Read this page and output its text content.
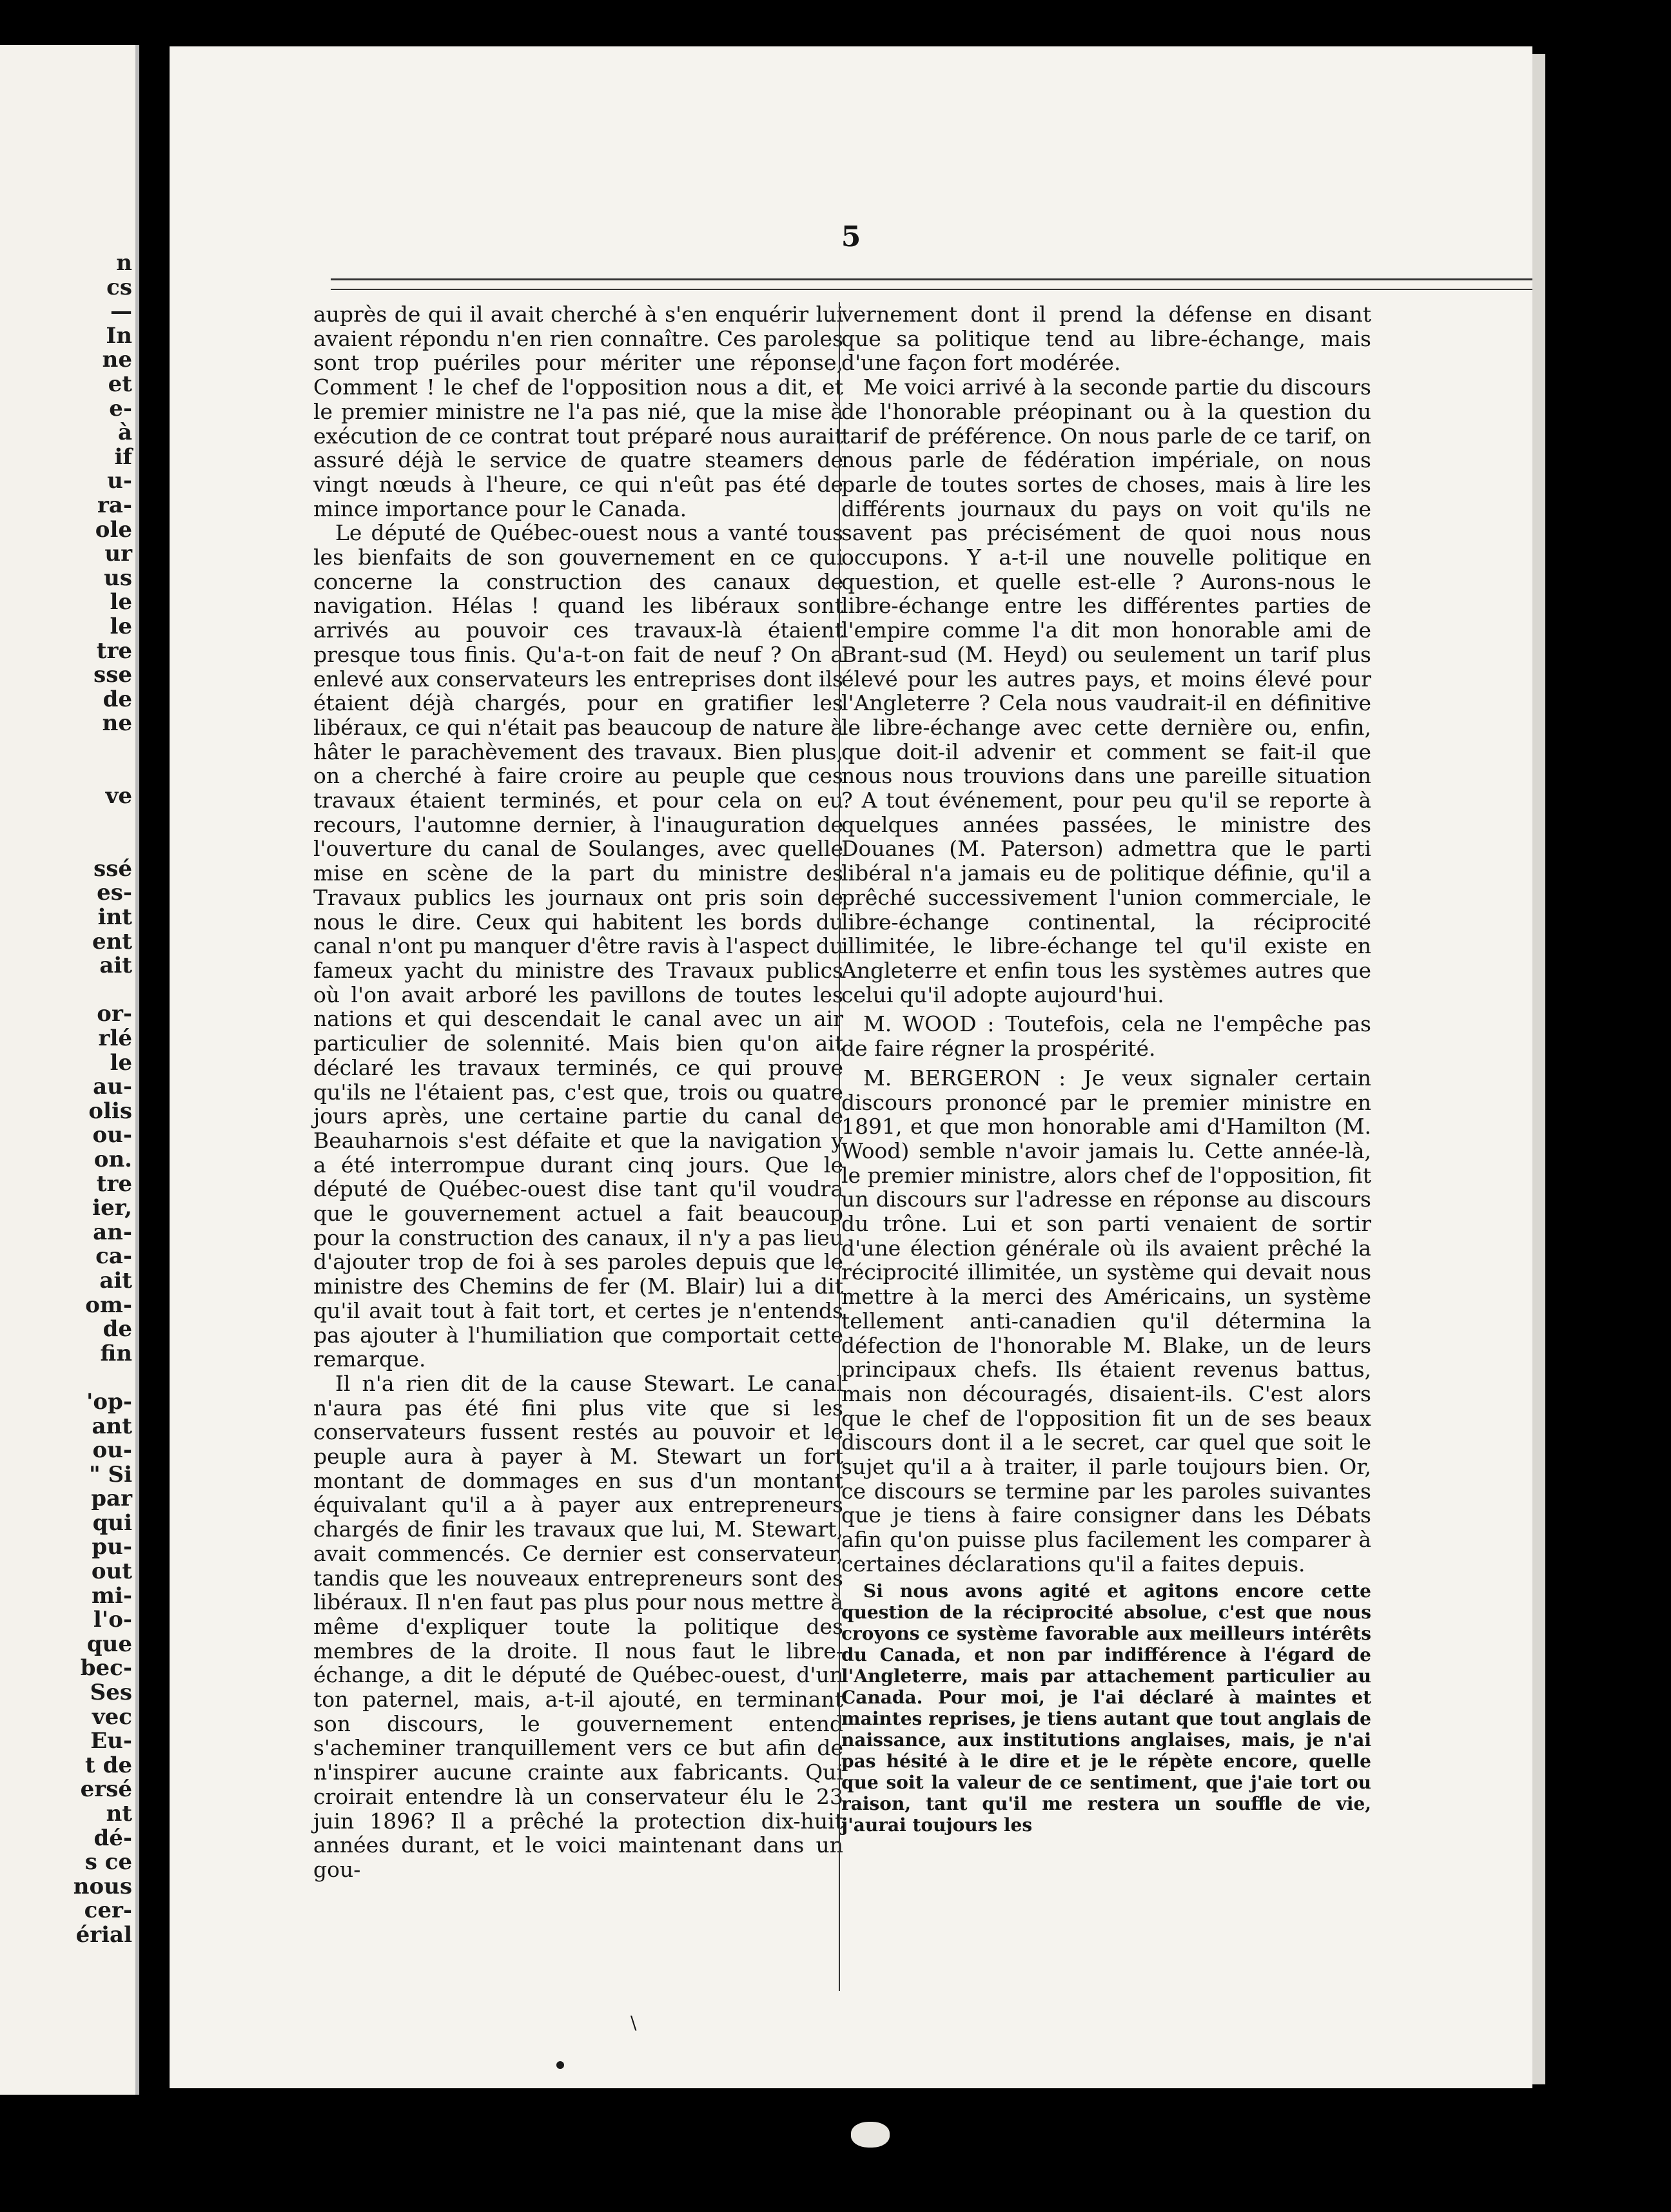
n
cs
—
In
ne
et
e-
à
if
u-
ra-
ole
ur
us
le
le
tre
sse
de
ne

ve

ssé
es-
int
ent
ait

or-
rlé
le
au-
olis
ou-
on.
tre
ier,
an-
ca-
ait
om-
de
fin

'op-
ant
ou-
" Si
par
qui
pu-
out
mi-
l'o-
que
bec-
Ses
vec
Eu-
t de
ersé
nt
dé-
s ce
nous
cer-
érial
5

auprès de qui il avait cherché à s'en enquérir lui avaient répondu n'en rien connaître. Ces paroles sont trop puériles pour mériter une réponse, Comment ! le chef de l'opposition nous a dit, et le premier ministre ne l'a pas nié, que la mise à exécution de ce contrat tout préparé nous aurait assuré déjà le service de quatre steamers de vingt nœuds à l'heure, ce qui n'eût pas été de mince importance pour le Canada.

Le député de Québec-ouest nous a vanté tous les bienfaits de son gouvernement en ce qui concerne la construction des canaux de navigation. Hélas ! quand les libéraux sont arrivés au pouvoir ces travaux-là étaient presque tous finis. Qu'a-t-on fait de neuf ? On a enlevé aux conservateurs les entreprises dont ils étaient déjà chargés, pour en gratifier les libéraux, ce qui n'était pas beaucoup de nature à hâter le parachèvement des travaux. Bien plus, on a cherché à faire croire au peuple que ces travaux étaient terminés, et pour cela on eu recours, l'automne dernier, à l'inauguration de l'ouverture du canal de Soulanges, avec quelle mise en scène de la part du ministre des Travaux publics les journaux ont pris soin de nous le dire. Ceux qui habitent les bords du canal n'ont pu manquer d'être ravis à l'aspect du fameux yacht du ministre des Travaux publics où l'on avait arboré les pavillons de toutes les nations et qui descendait le canal avec un air particulier de solennité. Mais bien qu'on ait déclaré les travaux terminés, ce qui prouve qu'ils ne l'étaient pas, c'est que, trois ou quatre jours après, une certaine partie du canal de Beauharnois s'est défaite et que la navigation y a été interrompue durant cinq jours. Que le député de Québec-ouest dise tant qu'il voudra que le gouvernement actuel a fait beaucoup pour la construction des canaux, il n'y a pas lieu d'ajouter trop de foi à ses paroles depuis que le ministre des Chemins de fer (M. Blair) lui a dit qu'il avait tout à fait tort, et certes je n'entends pas ajouter à l'humiliation que comportait cette remarque.

Il n'a rien dit de la cause Stewart. Le canal n'aura pas été fini plus vite que si les conservateurs fussent restés au pouvoir et le peuple aura à payer à M. Stewart un fort montant de dommages en sus d'un montant équivalant qu'il a à payer aux entrepreneurs chargés de finir les travaux que lui, M. Stewart, avait commencés. Ce dernier est conservateur, tandis que les nouveaux entrepreneurs sont des libéraux. Il n'en faut pas plus pour nous mettre à même d'expliquer toute la politique des membres de la droite. Il nous faut le libre-échange, a dit le député de Québec-ouest, d'un ton paternel, mais, a-t-il ajouté, en terminant son discours, le gouvernement entend s'acheminer tranquillement vers ce but afin de n'inspirer aucune crainte aux fabricants. Qui croirait entendre là un conservateur élu le 23 juin 1896? Il a prêché la protection dix-huit années durant, et le voici maintenant dans un gou-

vernement dont il prend la défense en disant que sa politique tend au libre-échange, mais d'une façon fort modérée.

Me voici arrivé à la seconde partie du discours de l'honorable préopinant ou à la question du tarif de préférence. On nous parle de ce tarif, on nous parle de fédération impériale, on nous parle de toutes sortes de choses, mais à lire les différents journaux du pays on voit qu'ils ne savent pas précisément de quoi nous nous occupons. Y a-t-il une nouvelle politique en question, et quelle est-elle ? Aurons-nous le libre-échange entre les différentes parties de l'empire comme l'a dit mon honorable ami de Brant-sud (M. Heyd) ou seulement un tarif plus élevé pour les autres pays, et moins élevé pour l'Angleterre ? Cela nous vaudrait-il en définitive le libre-échange avec cette dernière ou, enfin, que doit-il advenir et comment se fait-il que nous nous trouvions dans une pareille situation ? A tout événement, pour peu qu'il se reporte à quelques années passées, le ministre des Douanes (M. Paterson) admettra que le parti libéral n'a jamais eu de politique définie, qu'il a prêché successivement l'union commerciale, le libre-échange continental, la réciprocité illimitée, le libre-échange tel qu'il existe en Angleterre et enfin tous les systèmes autres que celui qu'il adopte aujourd'hui.

M. WOOD : Toutefois, cela ne l'empêche pas de faire régner la prospérité.

M. BERGERON : Je veux signaler certain discours prononcé par le premier ministre en 1891, et que mon honorable ami d'Hamilton (M. Wood) semble n'avoir jamais lu. Cette année-là, le premier ministre, alors chef de l'opposition, fit un discours sur l'adresse en réponse au discours du trône. Lui et son parti venaient de sortir d'une élection générale où ils avaient prêché la réciprocité illimitée, un système qui devait nous mettre à la merci des Américains, un système tellement anti-canadien qu'il détermina la défection de l'honorable M. Blake, un de leurs principaux chefs. Ils étaient revenus battus, mais non découragés, disaient-ils. C'est alors que le chef de l'opposition fit un de ses beaux discours dont il a le secret, car quel que soit le sujet qu'il a à traiter, il parle toujours bien. Or, ce discours se termine par les paroles suivantes que je tiens à faire consigner dans les Débats afin qu'on puisse plus facilement les comparer à certaines déclarations qu'il a faites depuis.

Si nous avons agité et agitons encore cette question de la réciprocité absolue, c'est que nous croyons ce système favorable aux meilleurs intérêts du Canada, et non par indifférence à l'égard de l'Angleterre, mais par attachement particulier au Canada. Pour moi, je l'ai déclaré à maintes et maintes reprises, je tiens autant que tout anglais de naissance, aux institutions anglaises, mais, je n'ai pas hésité à le dire et je le répète encore, quelle que soit la valeur de ce sentiment, que j'aie tort ou raison, tant qu'il me restera un souffle de vie, j'aurai toujours les

\
